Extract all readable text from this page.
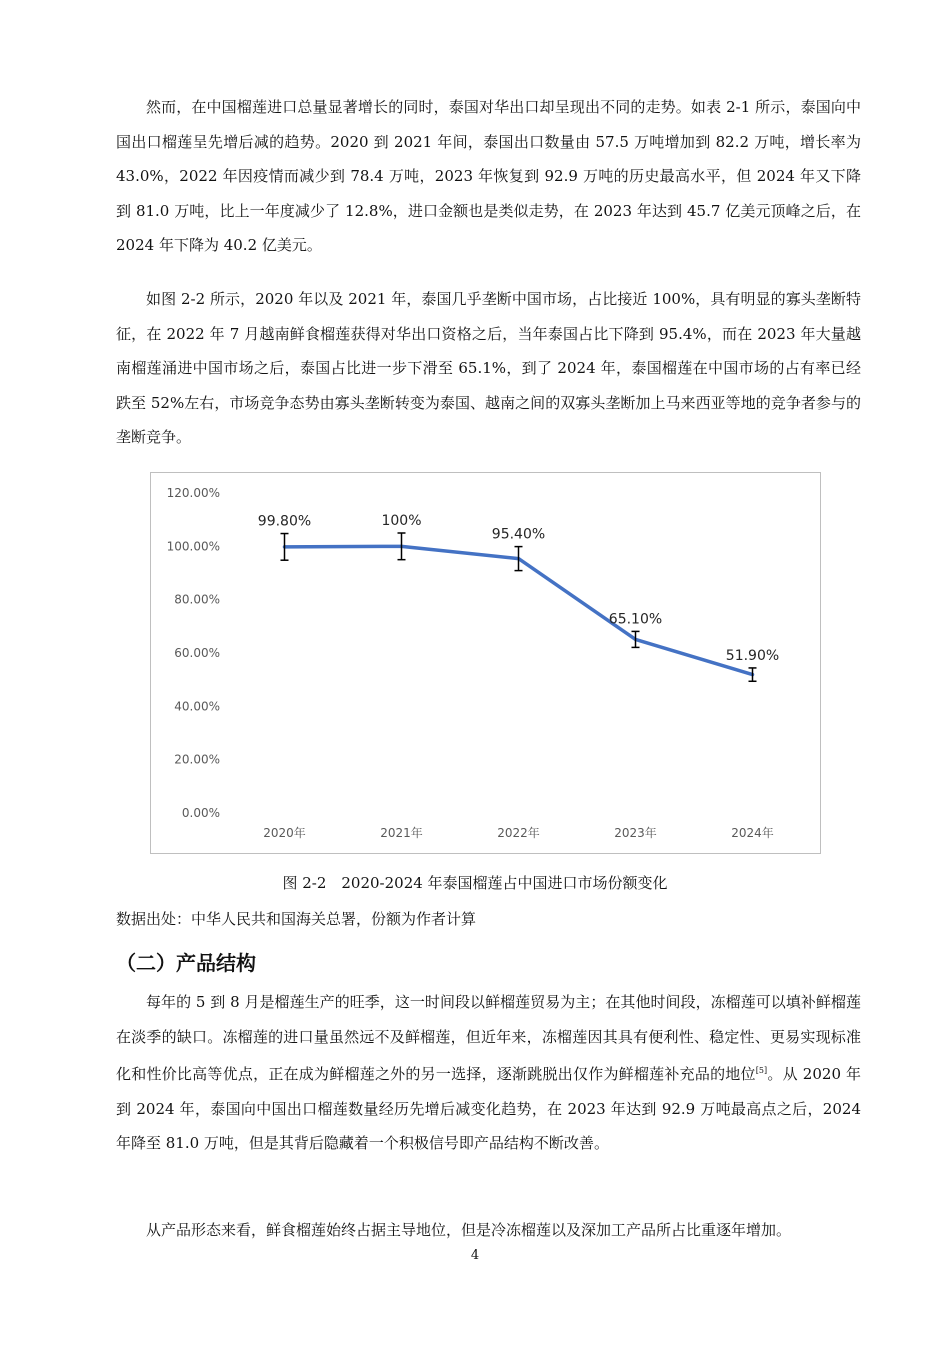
然而，在中国榴莲进口总量显著增长的同时，泰国对华出口却呈现出不同的走势。如表 2-1 所示，泰国向中国出口榴莲呈先增后减的趋势。2020 到 2021 年间，泰国出口数量由 57.5 万吨增加到 82.2 万吨，增长率为 43.0%，2022 年因疫情而减少到 78.4 万吨，2023 年恢复到 92.9 万吨的历史最高水平，但 2024 年又下降到 81.0 万吨，比上一年度减少了 12.8%，进口金额也是类似走势，在 2023 年达到 45.7 亿美元顶峰之后，在 2024 年下降为 40.2 亿美元。

如图 2-2 所示，2020 年以及 2021 年，泰国几乎垄断中国市场，占比接近 100%，具有明显的寡头垄断特征，在 2022 年 7 月越南鲜食榴莲获得对华出口资格之后，当年泰国占比下降到 95.4%，而在 2023 年大量越南榴莲涌进中国市场之后，泰国占比进一步下滑至 65.1%，到了 2024 年，泰国榴莲在中国市场的占有率已经跌至 52%左右，市场竞争态势由寡头垄断转变为泰国、越南之间的双寡头垄断加上马来西亚等地的竞争者参与的垄断竞争。

0.00%
20.00%
40.00%
60.00%
80.00%
100.00%
120.00%
2020年	2021年	2022年	2023年	2024年
99.80%	100%
95.40%
65.10%
51.90%
图 2-2　2020-2024 年泰国榴莲占中国进口市场份额变化
数据出处：中华人民共和国海关总署，份额为作者计算
（二）产品结构

每年的 5 到 8 月是榴莲生产的旺季，这一时间段以鲜榴莲贸易为主；在其他时间段，冻榴莲可以填补鲜榴莲在淡季的缺口。冻榴莲的进口量虽然远不及鲜榴莲，但近年来，冻榴莲因其具有便利性、稳定性、更易实现标准化和性价比高等优点，正在成为鲜榴莲之外的另一选择，逐渐跳脱出仅作为鲜榴莲补充品的地位[5]。从 2020 年到 2024 年，泰国向中国出口榴莲数量经历先增后减变化趋势，在 2023 年达到 92.9 万吨最高点之后，2024 年降至 81.0 万吨，但是其背后隐藏着一个积极信号即产品结构不断改善。

从产品形态来看，鲜食榴莲始终占据主导地位，但是冷冻榴莲以及深加工产品所占比重逐年增加。

4
